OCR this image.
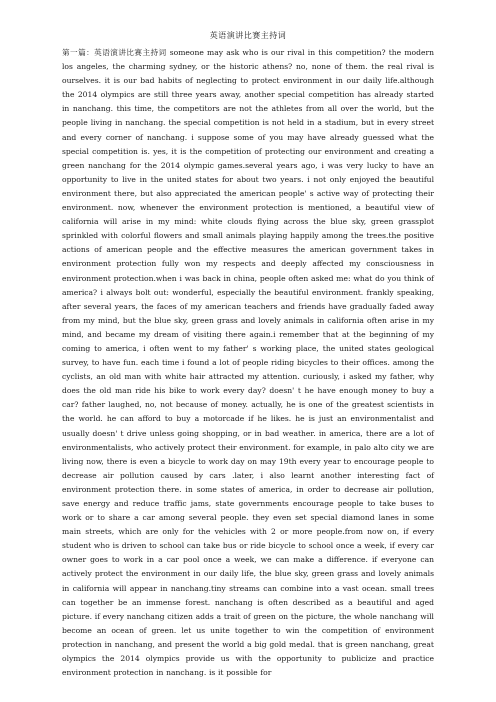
英语演讲比赛主持词

第一篇：英语演讲比赛主持词 someone may ask who is our rival in this competition? the modern los angeles, the charming sydney, or the historic athens? no, none of them. the real rival is ourselves. it is our bad habits of neglecting to protect environment in our daily life.although the 2014 olympics are still three years away, another special competition has already started in nanchang. this time, the competitors are not the athletes from all over the world, but the people living in nanchang. the special competition is not held in a stadium, but in every street and every corner of nanchang. i suppose some of you may have already guessed what the special competition is. yes, it is the competition of protecting our environment and creating a green nanchang for the 2014 olympic games.several years ago, i was very lucky to have an opportunity to live in the united states for about two years. i not only enjoyed the beautiful environment there, but also appreciated the american people' s active way of protecting their environment. now, whenever the environment protection is mentioned, a beautiful view of california will arise in my mind: white clouds flying across the blue sky, green grassplot sprinkled with colorful flowers and small animals playing happily among the trees.the positive actions of american people and the effective measures the american government takes in environment protection fully won my respects and deeply affected my consciousness in environment protection.when i was back in china, people often asked me: what do you think of america? i always bolt out: wonderful, especially the beautiful environment. frankly speaking, after several years, the faces of my american teachers and friends have gradually faded away from my mind, but the blue sky, green grass and lovely animals in california often arise in my mind, and became my dream of visiting there again.i remember that at the beginning of my coming to america, i often went to my father' s working place, the united states geological survey, to have fun. each time i found a lot of people riding bicycles to their offices. among the cyclists, an old man with white hair attracted my attention. curiously, i asked my father, why does the old man ride his bike to work every day? doesn' t he have enough money to buy a car? father laughed, no, not because of money. actually, he is one of the greatest scientists in the world. he can afford to buy a motorcade if he likes. he is just an environmentalist and usually doesn' t drive unless going shopping, or in bad weather. in america, there are a lot of environmentalists, who actively protect their environment. for example, in palo alto city we are living now, there is even a bicycle to work day on may 19th every year to encourage people to decrease air pollution caused by cars .later, i also learnt another interesting fact of environment protection there. in some states of america, in order to decrease air pollution, save energy and reduce traffic jams, state governments encourage people to take buses to work or to share a car among several people. they even set special diamond lanes in some main streets, which are only for the vehicles with 2 or more people.from now on, if every student who is driven to school can take bus or ride bicycle to school once a week, if every car owner goes to work in a car pool once a week, we can make a difference. if everyone can actively protect the environment in our daily life, the blue sky, green grass and lovely animals in california will appear in nanchang.tiny streams can combine into a vast ocean. small trees can together be an immense forest. nanchang is often described as a beautiful and aged picture. if every nanchang citizen adds a trait of green on the picture, the whole nanchang will become an ocean of green. let us unite together to win the competition of environment protection in nanchang, and present the world a big gold medal. that is green nanchang, great olympics the 2014 olympics provide us with the opportunity to publicize and practice environment protection in nanchang. is it possible for
